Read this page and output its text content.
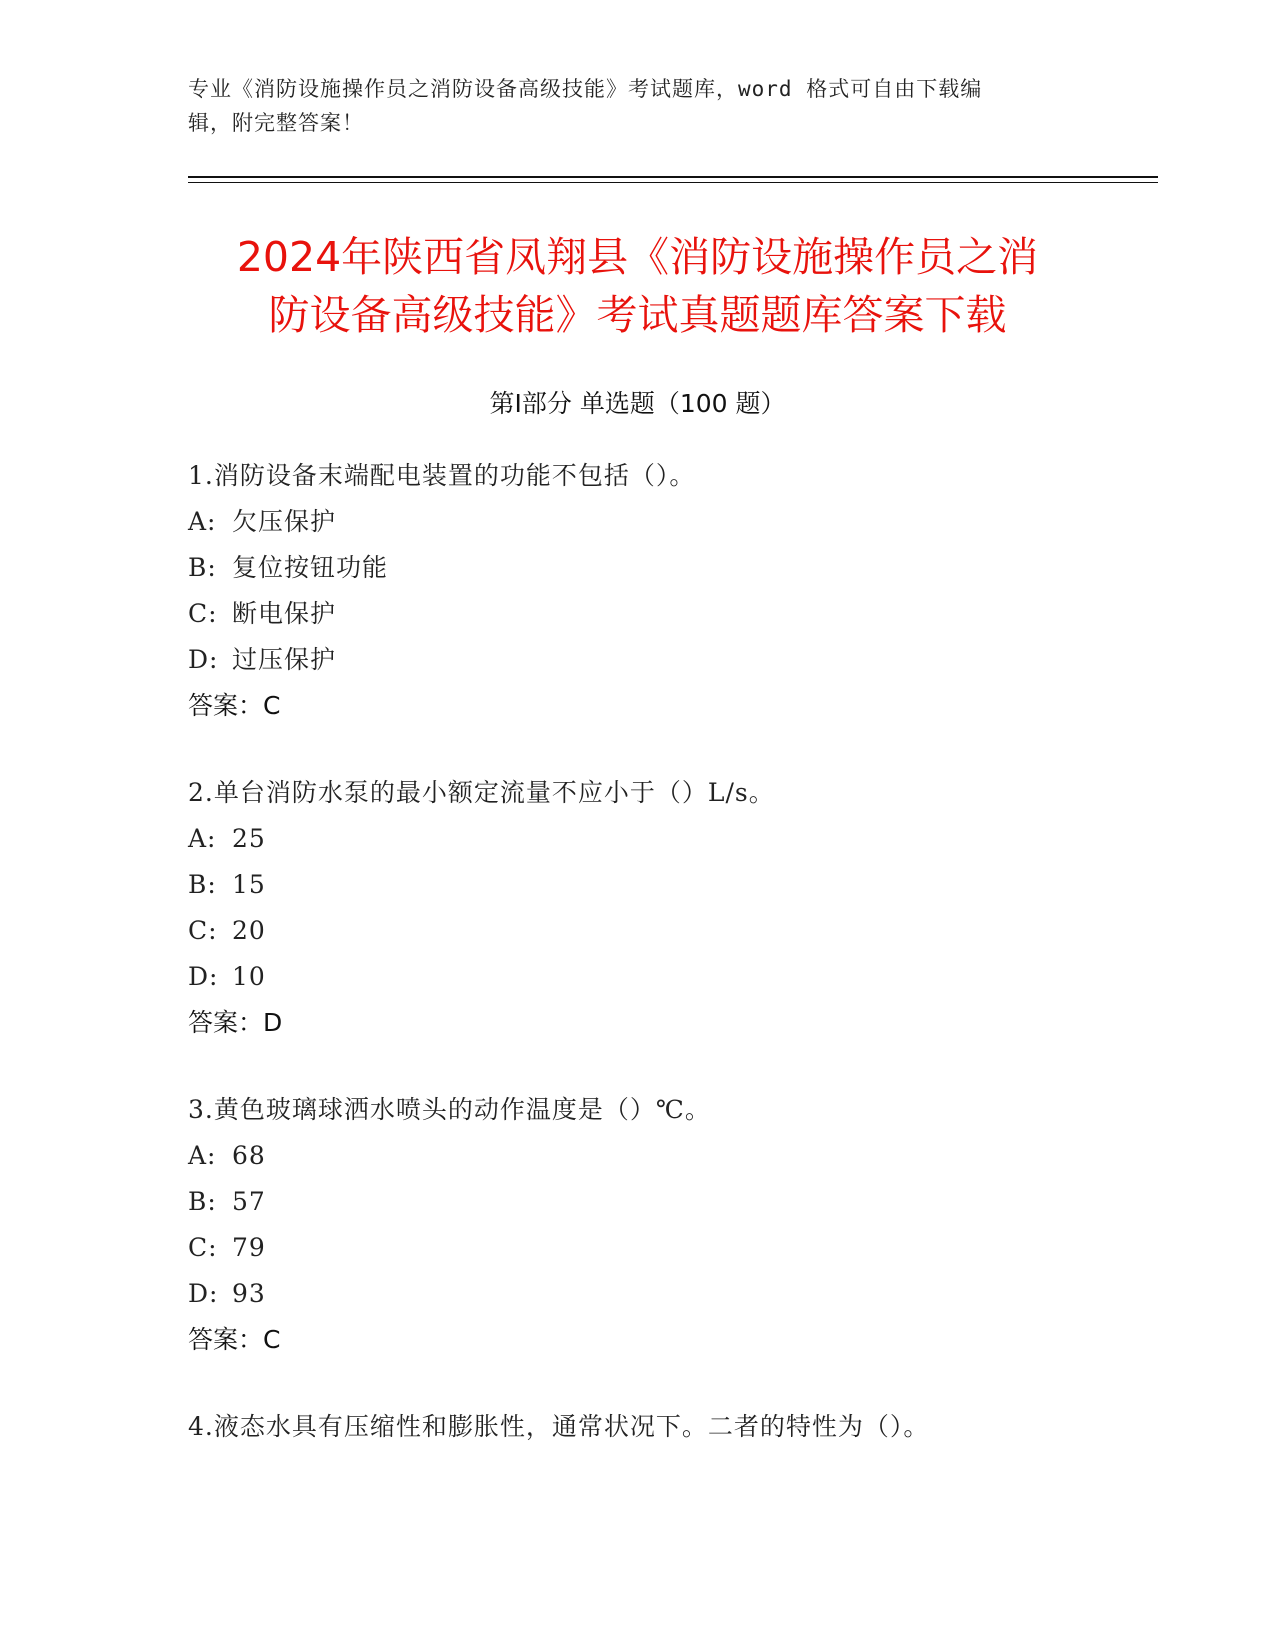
专业《消防设施操作员之消防设备高级技能》考试题库，word 格式可自由下载编
辑，附完整答案！
2024年陕西省凤翔县《消防设施操作员之消
防设备高级技能》考试真题题库答案下载
第Ⅰ部分 单选题（100 题）
1.消防设备末端配电装置的功能不包括（）。
A: 欠压保护
B: 复位按钮功能
C: 断电保护
D: 过压保护
答案：C
2.单台消防水泵的最小额定流量不应小于（）L/s。
A: 25
B: 15
C: 20
D: 10
答案：D
3.黄色玻璃球洒水喷头的动作温度是（）℃。
A: 68
B: 57
C: 79
D: 93
答案：C
4.液态水具有压缩性和膨胀性，通常状况下。二者的特性为（）。
